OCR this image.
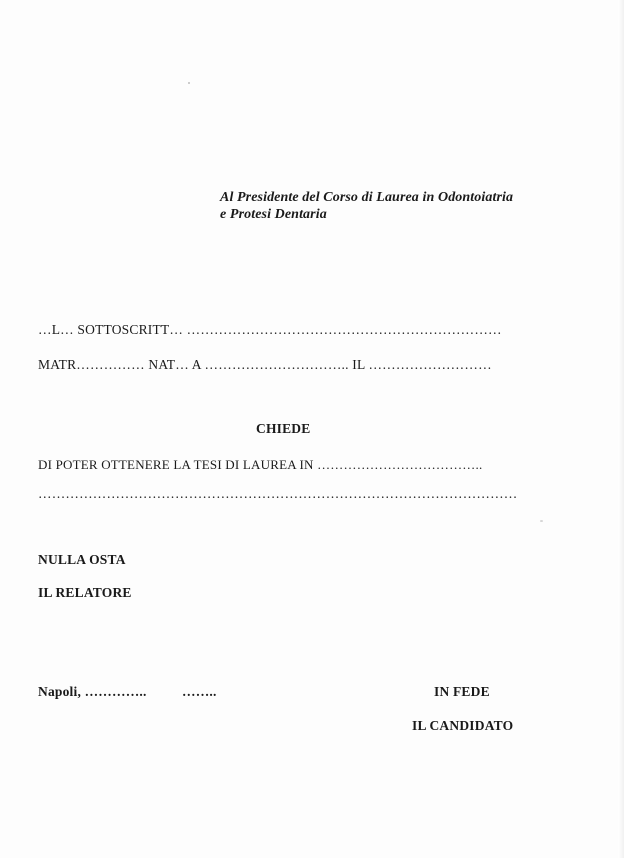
Al Presidente del Corso di Laurea in Odontoiatria
e Protesi Dentaria
…L… SOTTOSCRITT… ……………………………………………………………
MATR…………… NAT… A ………………………….. IL ………………………
CHIEDE
DI POTER OTTENERE LA TESI DI LAUREA IN ………………………………..
……………………………………………………………………………………………
NULLA OSTA
IL RELATORE
Napoli, …………..	……..	IN FEDE
IL CANDIDATO
